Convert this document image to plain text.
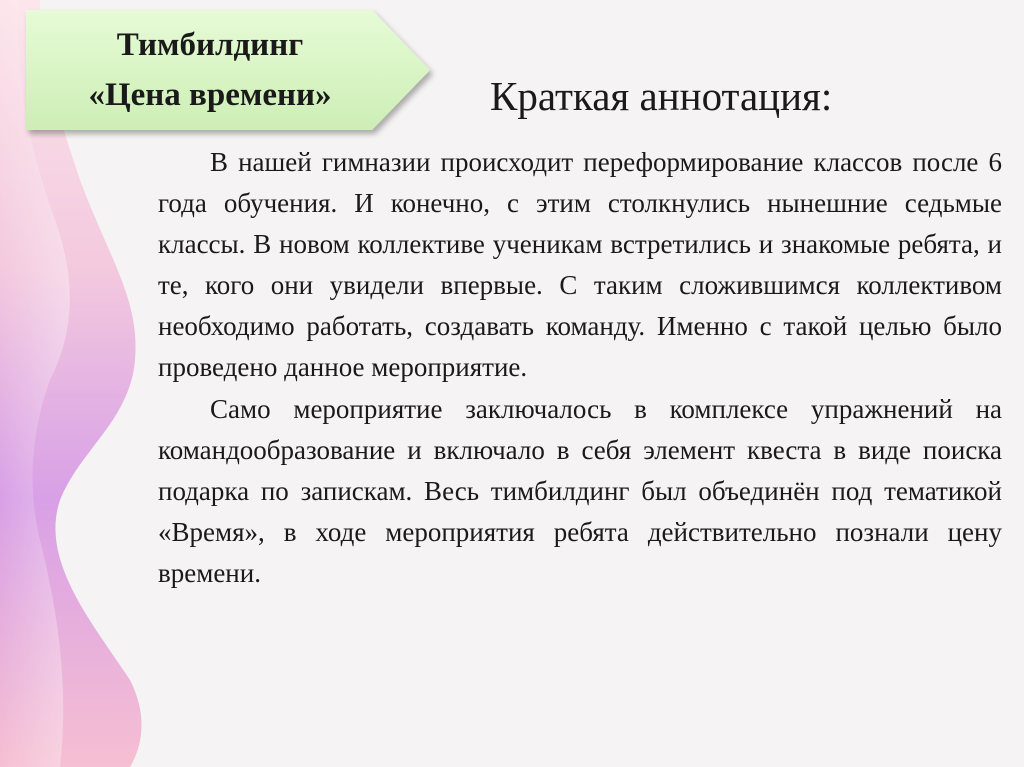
Тимбилдинг
«Цена времени»	Краткая аннотация:

В нашей гимназии происходит переформирование классов после 6 года обучения. И конечно, с этим столкнулись нынешние седьмые классы. В новом коллективе ученикам встретились и знакомые ребята, и те, кого они увидели впервые. С таким сложившимся коллективом необходимо работать, создавать команду. Именно с такой целью было проведено данное мероприятие.

Само мероприятие заключалось в комплексе упражнений на командообразование и включало в себя элемент квеста в виде поиска подарка по запискам. Весь тимбилдинг был объединён под тематикой «Время», в ходе мероприятия ребята действительно познали цену времени.
